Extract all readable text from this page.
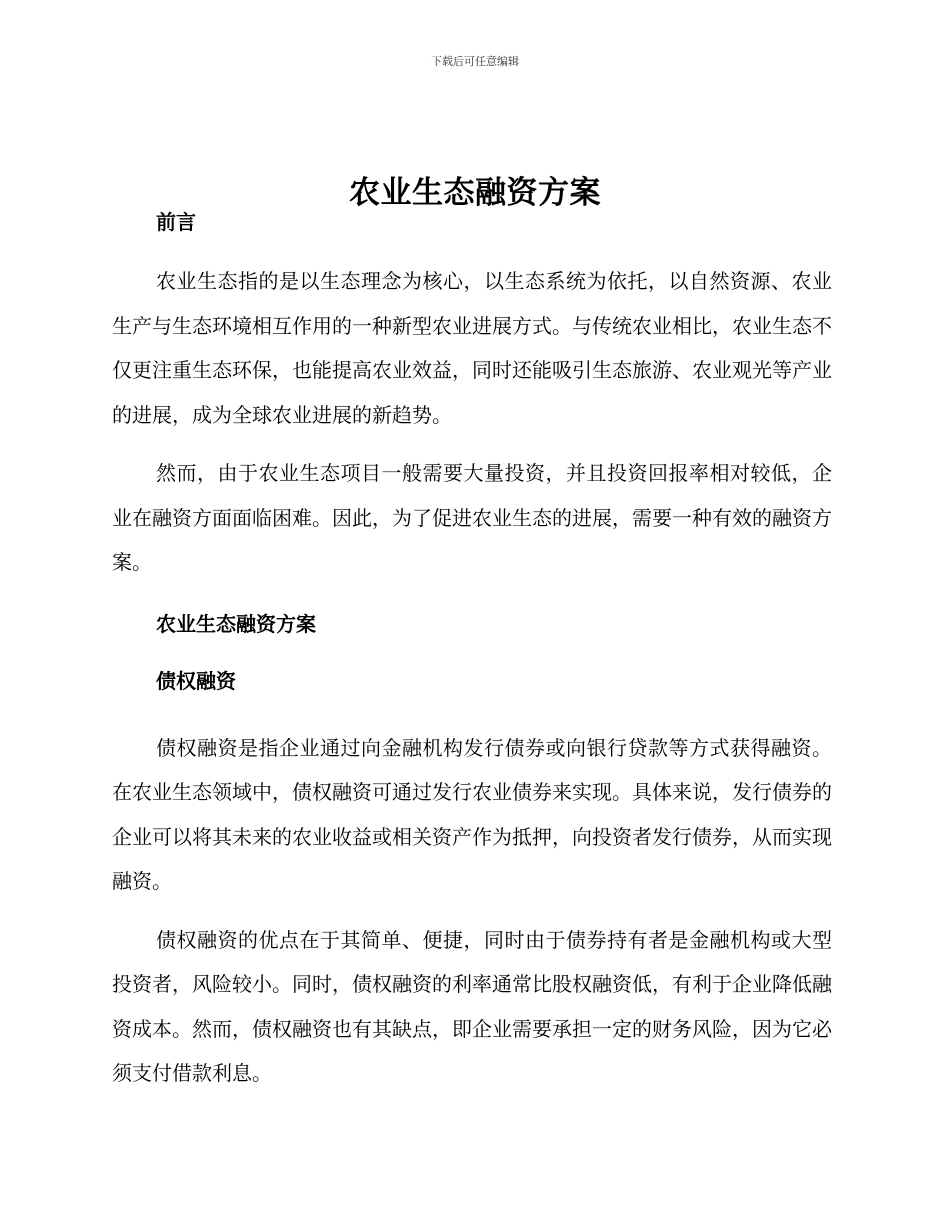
下载后可任意编辑
农业生态融资方案

前言

农业生态指的是以生态理念为核心，以生态系统为依托，以自然资源、农业生产与生态环境相互作用的一种新型农业进展方式。与传统农业相比，农业生态不仅更注重生态环保，也能提高农业效益，同时还能吸引生态旅游、农业观光等产业的进展，成为全球农业进展的新趋势。

然而，由于农业生态项目一般需要大量投资，并且投资回报率相对较低，企业在融资方面面临困难。因此，为了促进农业生态的进展，需要一种有效的融资方案。

农业生态融资方案

债权融资

债权融资是指企业通过向金融机构发行债券或向银行贷款等方式获得融资。在农业生态领域中，债权融资可通过发行农业债券来实现。具体来说，发行债券的企业可以将其未来的农业收益或相关资产作为抵押，向投资者发行债券，从而实现融资。

债权融资的优点在于其简单、便捷，同时由于债券持有者是金融机构或大型投资者，风险较小。同时，债权融资的利率通常比股权融资低，有利于企业降低融资成本。然而，债权融资也有其缺点，即企业需要承担一定的财务风险，因为它必须支付借款利息。
